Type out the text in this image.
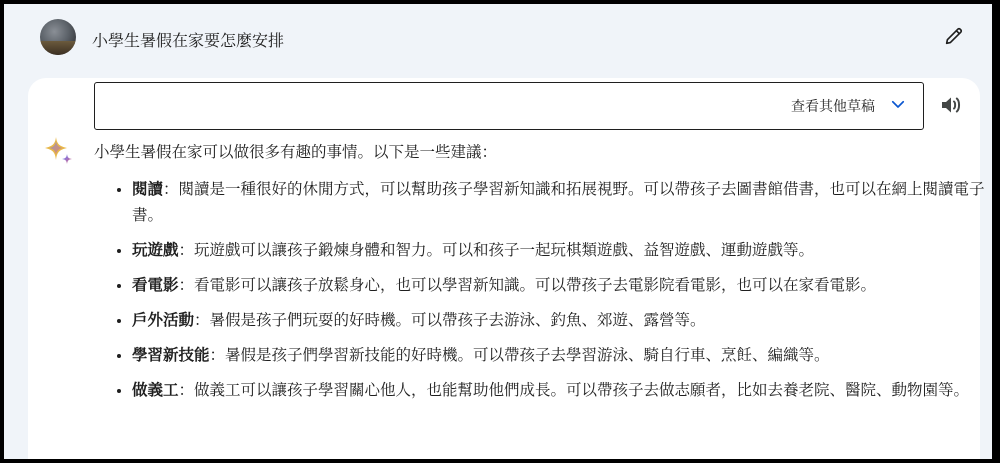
小學生暑假在家要怎麼安排
查看其他草稿

小學生暑假在家可以做很多有趣的事情。以下是一些建議：

• 閱讀：閱讀是一種很好的休閒方式，可以幫助孩子學習新知識和拓展視野。可以帶孩子去圖書館借書，也可以在網上閱讀電子書。
• 玩遊戲：玩遊戲可以讓孩子鍛煉身體和智力。可以和孩子一起玩棋類遊戲、益智遊戲、運動遊戲等。
• 看電影：看電影可以讓孩子放鬆身心，也可以學習新知識。可以帶孩子去電影院看電影，也可以在家看電影。
• 戶外活動：暑假是孩子們玩耍的好時機。可以帶孩子去游泳、釣魚、郊遊、露營等。
• 學習新技能：暑假是孩子們學習新技能的好時機。可以帶孩子去學習游泳、騎自行車、烹飪、編織等。
• 做義工：做義工可以讓孩子學習關心他人，也能幫助他們成長。可以帶孩子去做志願者，比如去養老院、醫院、動物園等。
